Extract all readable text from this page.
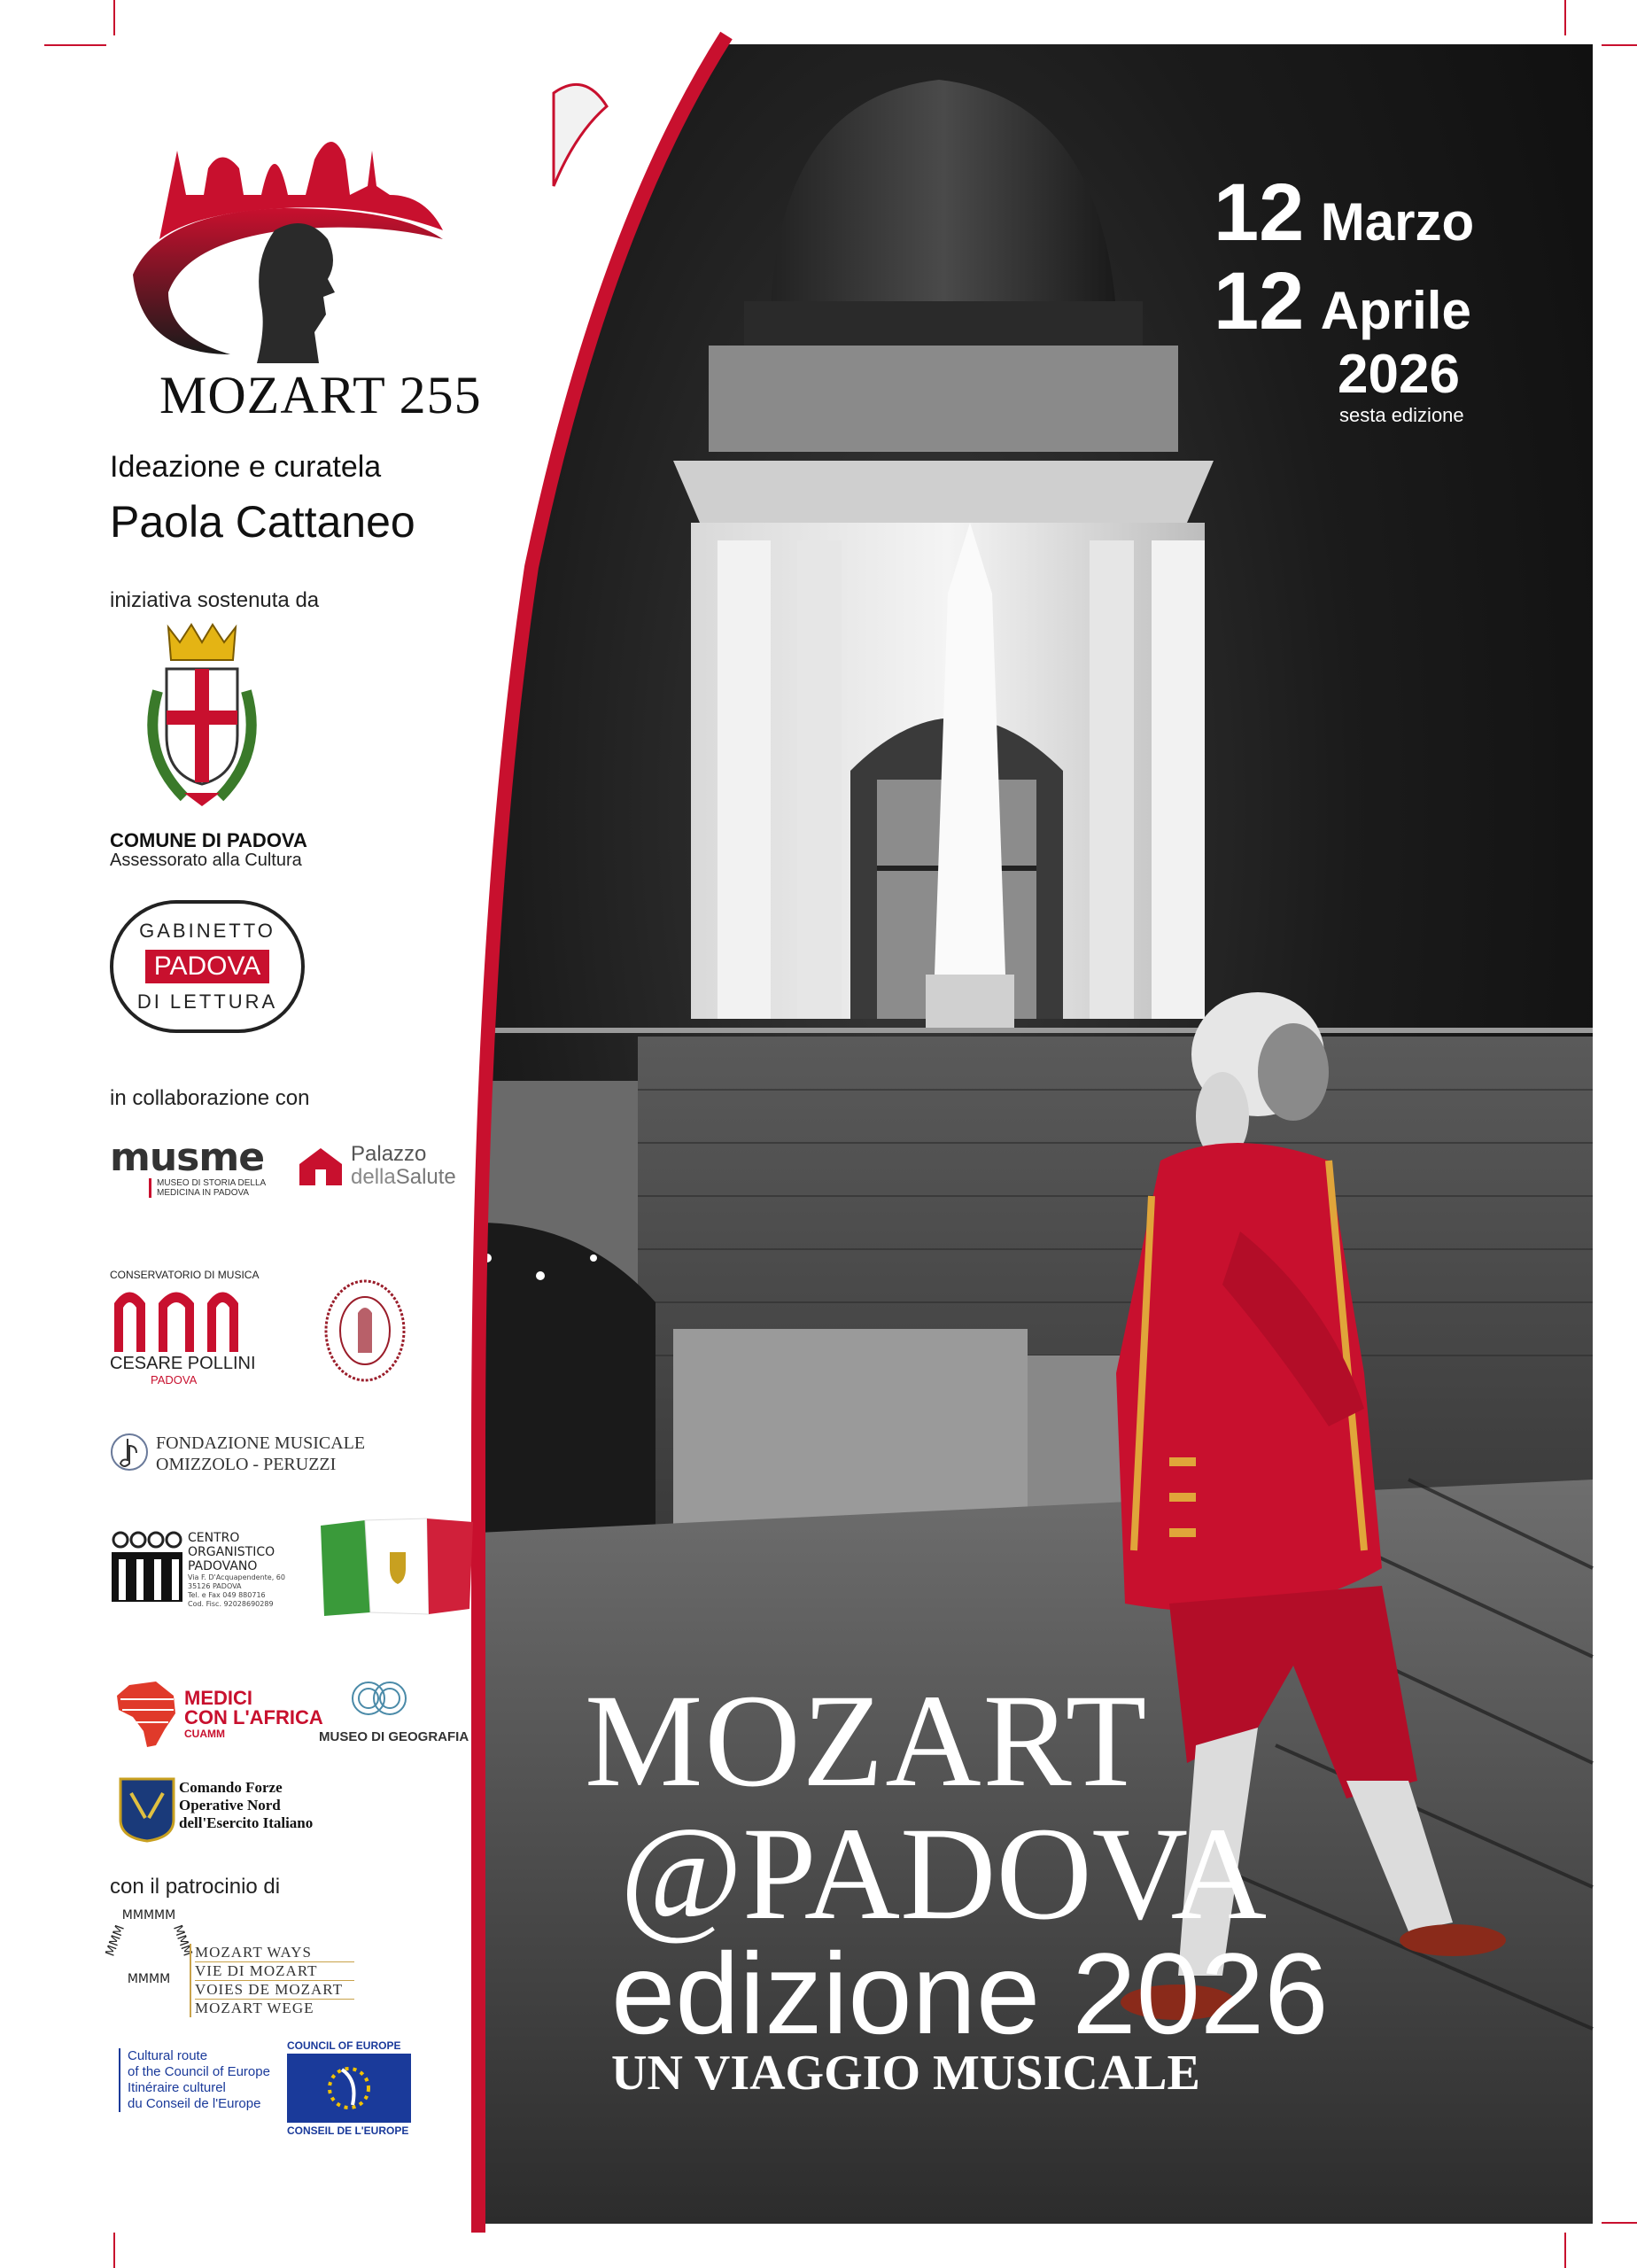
12 Marzo
12 Aprile
2026
sesta edizione
MOZART
@PADOVA
edizione 2026
UN VIAGGIO MUSICALE
MOZART 255
Ideazione e curatela
Paola Cattaneo
iniziativa sostenuta da
COMUNE DI PADOVA
Assessorato alla Cultura
GABINETTO
PADOVA
DI LETTURA
in collaborazione con
musme
MUSEO DI STORIA DELLA
MEDICINA IN PADOVA
Palazzo
dellaSalute
CONSERVATORIO DI MUSICA
CESARE POLLINI
PADOVA
FONDAZIONE MUSICALE
OMIZZOLO - PERUZZI
CENTRO
ORGANISTICO
PADOVANO
Via F. D'Acquapendente, 60
35126 PADOVA
Tel. e Fax 049 880716
Cod. Fisc. 92028690289
MEDICI
CON L'AFRICA
CUAMM	MUSEO DI GEOGRAFIA
Comando Forze
Operative Nord
dell'Esercito Italiano
con il patrocinio di
MMMMM
MMM	MMM
MMMM
MOZART WAYS
VIE DI MOZART
VOIES DE MOZART
MOZART WEGE
Cultural route
of the Council of Europe
Itinéraire culturel
du Conseil de l'Europe
COUNCIL OF EUROPE
CONSEIL DE L'EUROPE
